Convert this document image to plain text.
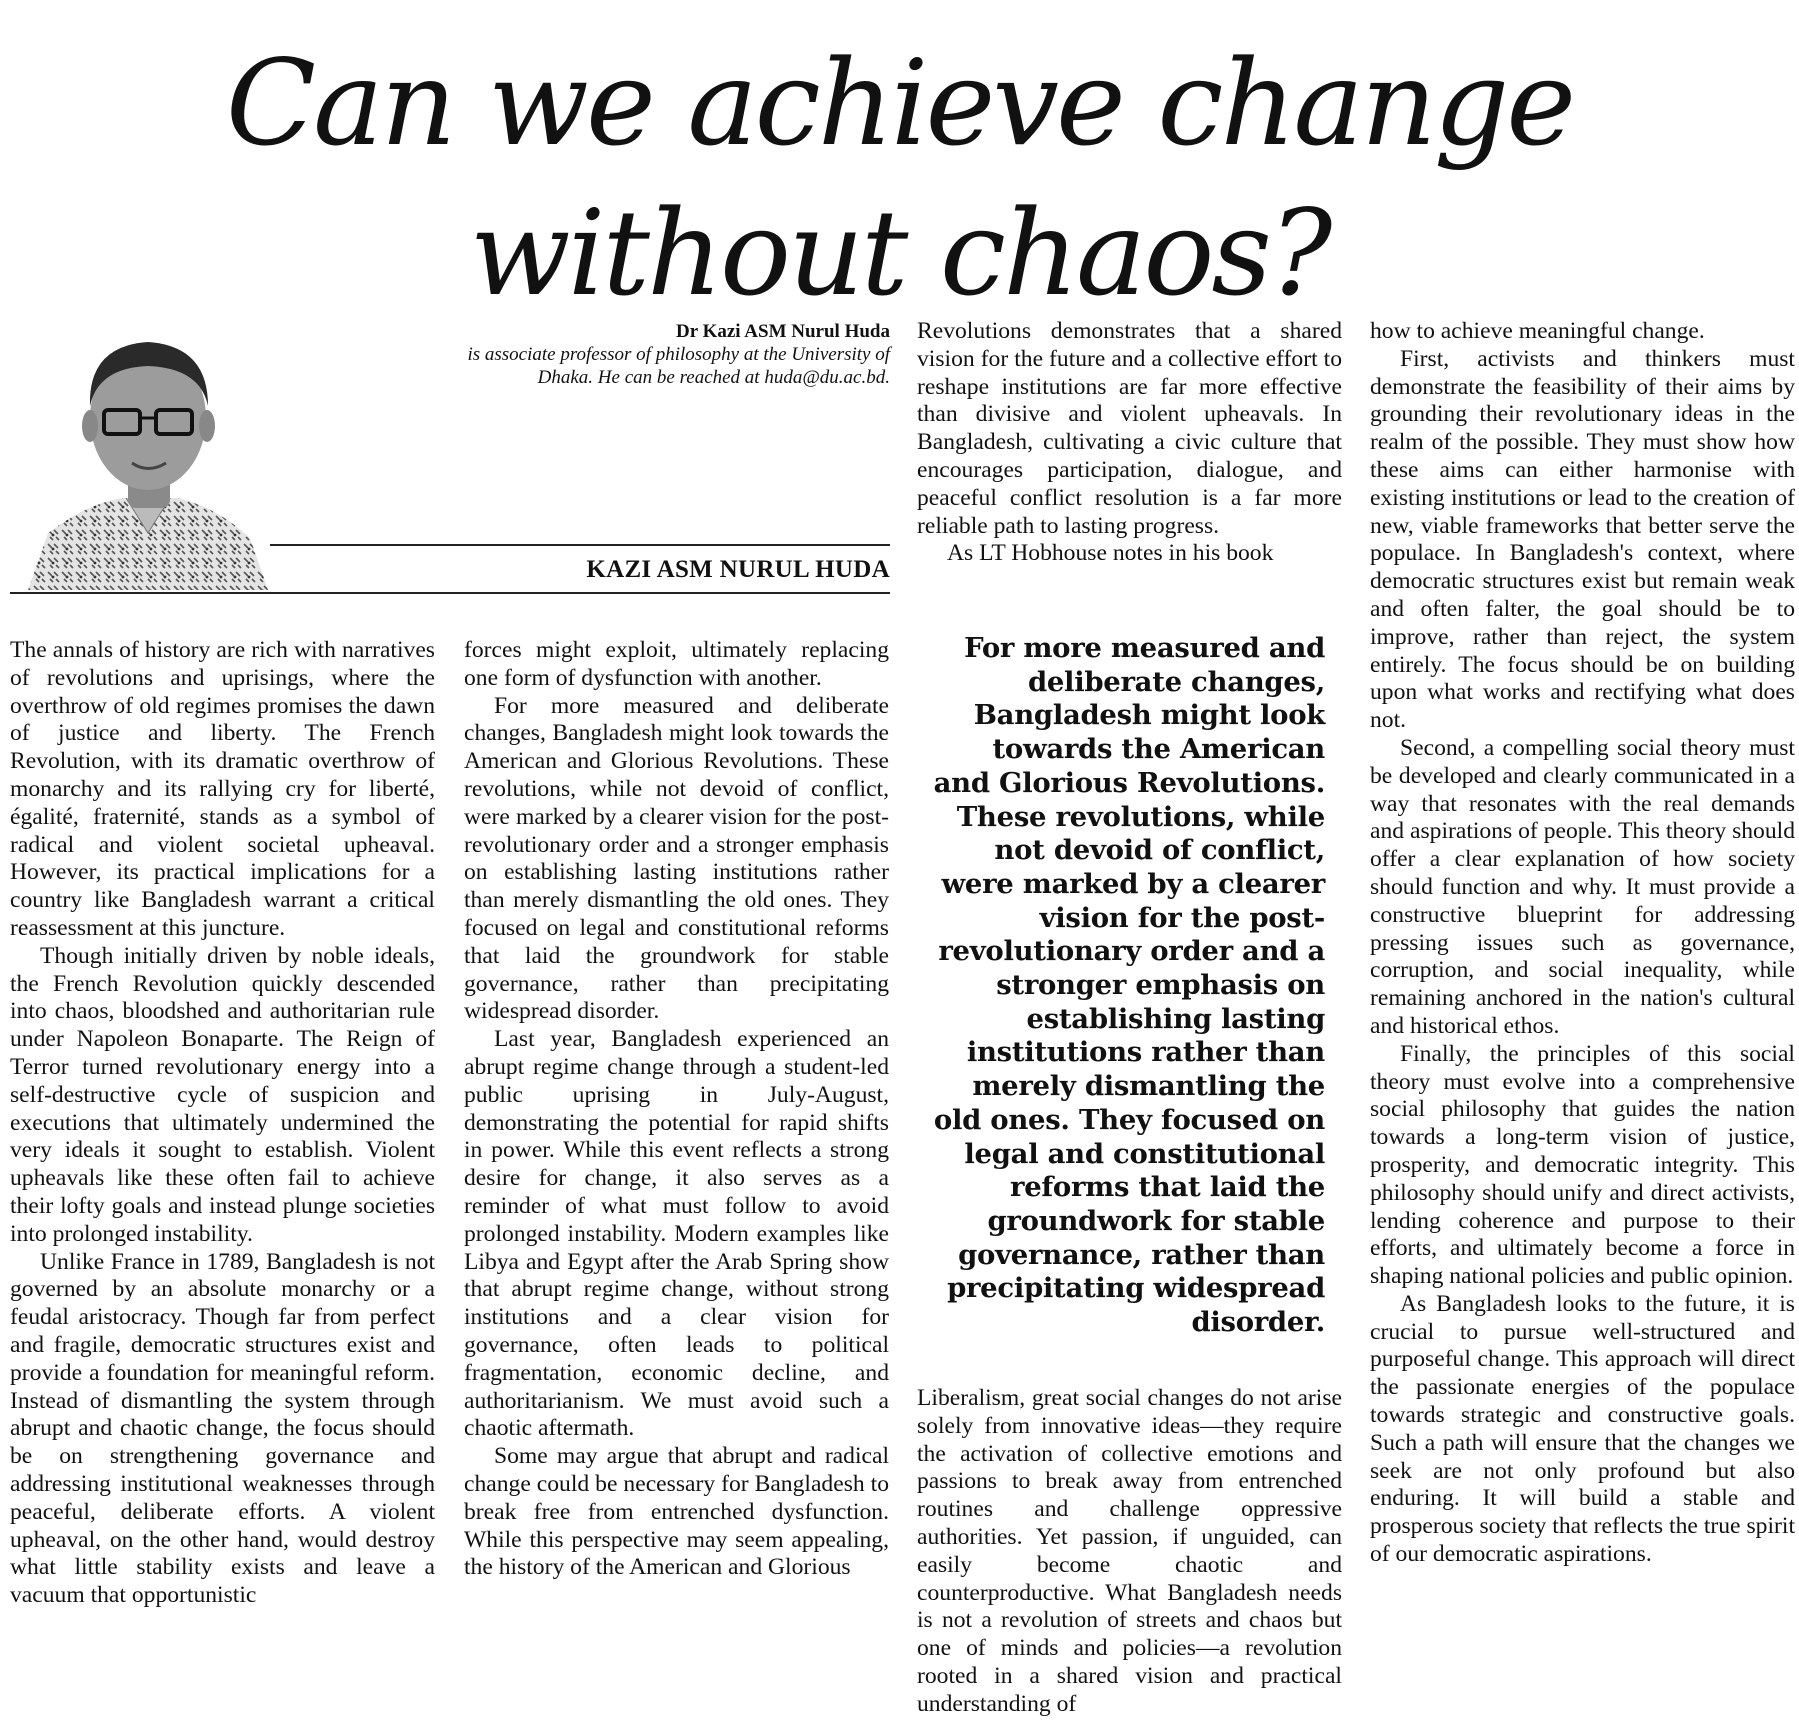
Can we achieve change without chaos?
Dr Kazi ASM Nurul Huda
is associate professor of philosophy at the University of Dhaka. He can be reached at huda@du.ac.bd.
KAZI ASM NURUL HUDA

The annals of history are rich with narratives of revolutions and uprisings, where the overthrow of old regimes promises the dawn of justice and liberty. The French Revolution, with its dramatic overthrow of monarchy and its rallying cry for liberté, égalité, fraternité, stands as a symbol of radical and violent societal upheaval. However, its practical implications for a country like Bangladesh warrant a critical reassessment at this juncture.

Though initially driven by noble ideals, the French Revolution quickly descended into chaos, bloodshed and authoritarian rule under Napoleon Bonaparte. The Reign of Terror turned revolutionary energy into a self-destructive cycle of suspicion and executions that ultimately undermined the very ideals it sought to establish. Violent upheavals like these often fail to achieve their lofty goals and instead plunge societies into prolonged instability.

Unlike France in 1789, Bangladesh is not governed by an absolute monarchy or a feudal aristocracy. Though far from perfect and fragile, democratic structures exist and provide a foundation for meaningful reform. Instead of dismantling the system through abrupt and chaotic change, the focus should be on strengthening governance and addressing institutional weaknesses through peaceful, deliberate efforts. A violent upheaval, on the other hand, would destroy what little stability exists and leave a vacuum that opportunistic

forces might exploit, ultimately replacing one form of dysfunction with another.

For more measured and deliberate changes, Bangladesh might look towards the American and Glorious Revolutions. These revolutions, while not devoid of conflict, were marked by a clearer vision for the post-revolutionary order and a stronger emphasis on establishing lasting institutions rather than merely dismantling the old ones. They focused on legal and constitutional reforms that laid the groundwork for stable governance, rather than precipitating widespread disorder.

Last year, Bangladesh experienced an abrupt regime change through a student-led public uprising in July-August, demonstrating the potential for rapid shifts in power. While this event reflects a strong desire for change, it also serves as a reminder of what must follow to avoid prolonged instability. Modern examples like Libya and Egypt after the Arab Spring show that abrupt regime change, without strong institutions and a clear vision for governance, often leads to political fragmentation, economic decline, and authoritarianism. We must avoid such a chaotic aftermath.

Some may argue that abrupt and radical change could be necessary for Bangladesh to break free from entrenched dysfunction. While this perspective may seem appealing, the history of the American and Glorious

Revolutions demonstrates that a shared vision for the future and a collective effort to reshape institutions are far more effective than divisive and violent upheavals. In Bangladesh, cultivating a civic culture that encourages participation, dialogue, and peaceful conflict resolution is a far more reliable path to lasting progress.

As LT Hobhouse notes in his book

For more measured and deliberate changes, Bangladesh might look towards the American and Glorious Revolutions. These revolutions, while not devoid of conflict, were marked by a clearer vision for the post-revolutionary order and a stronger emphasis on establishing lasting institutions rather than merely dismantling the old ones. They focused on legal and constitutional reforms that laid the groundwork for stable governance, rather than precipitating widespread disorder.

Liberalism, great social changes do not arise solely from innovative ideas—they require the activation of collective emotions and passions to break away from entrenched routines and challenge oppressive authorities. Yet passion, if unguided, can easily become chaotic and counterproductive. What Bangladesh needs is not a revolution of streets and chaos but one of minds and policies—a revolution rooted in a shared vision and practical understanding of

how to achieve meaningful change.

First, activists and thinkers must demonstrate the feasibility of their aims by grounding their revolutionary ideas in the realm of the possible. They must show how these aims can either harmonise with existing institutions or lead to the creation of new, viable frameworks that better serve the populace. In Bangladesh's context, where democratic structures exist but remain weak and often falter, the goal should be to improve, rather than reject, the system entirely. The focus should be on building upon what works and rectifying what does not.

Second, a compelling social theory must be developed and clearly communicated in a way that resonates with the real demands and aspirations of people. This theory should offer a clear explanation of how society should function and why. It must provide a constructive blueprint for addressing pressing issues such as governance, corruption, and social inequality, while remaining anchored in the nation's cultural and historical ethos.

Finally, the principles of this social theory must evolve into a comprehensive social philosophy that guides the nation towards a long-term vision of justice, prosperity, and democratic integrity. This philosophy should unify and direct activists, lending coherence and purpose to their efforts, and ultimately become a force in shaping national policies and public opinion.

As Bangladesh looks to the future, it is crucial to pursue well-structured and purposeful change. This approach will direct the passionate energies of the populace towards strategic and constructive goals. Such a path will ensure that the changes we seek are not only profound but also enduring. It will build a stable and prosperous society that reflects the true spirit of our democratic aspirations.
